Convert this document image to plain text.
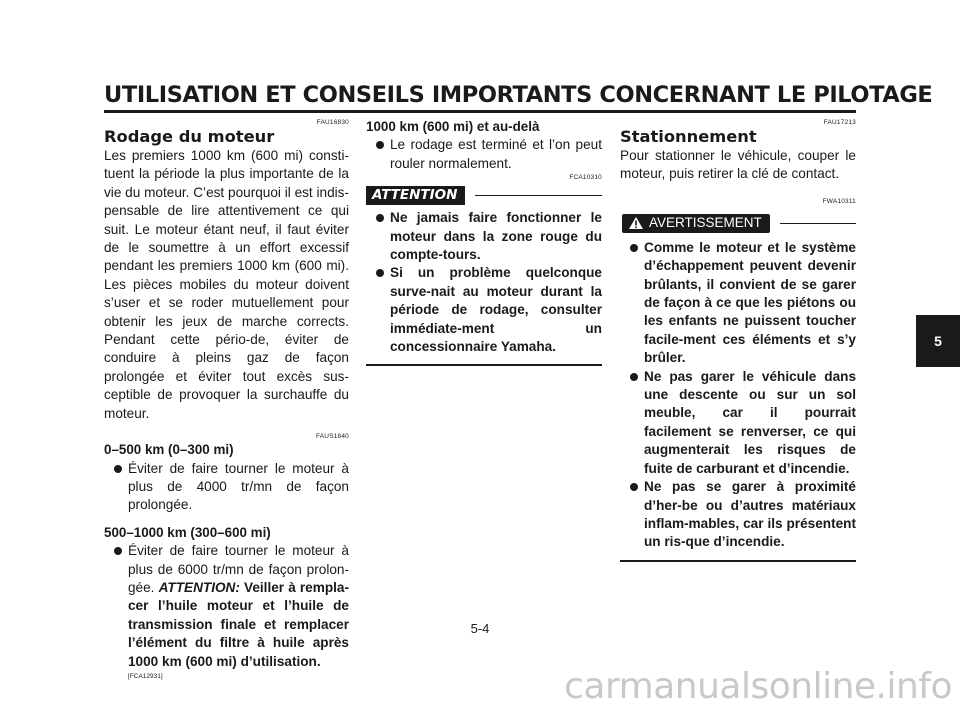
UTILISATION ET CONSEILS IMPORTANTS CONCERNANT LE PILOTAGE
FAU16830
Rodage du moteur

Les premiers 1000 km (600 mi) consti-tuent la période la plus importante de la vie du moteur. C’est pourquoi il est indis-pensable de lire attentivement ce qui suit. Le moteur étant neuf, il faut éviter de le soumettre à un effort excessif pendant les premiers 1000 km (600 mi). Les pièces mobiles du moteur doivent s’user et se roder mutuellement pour obtenir les jeux de marche corrects. Pendant cette pério-de, éviter de conduire à pleins gaz de façon prolongée et éviter tout excès sus-ceptible de provoquer la surchauffe du moteur.

FAUS1840
0–500 km (0–300 mi)
Éviter de faire tourner le moteur à plus de 4000 tr/mn de façon prolongée.
500–1000 km (300–600 mi)
Éviter de faire tourner le moteur à plus de 6000 tr/mn de façon prolon-gée. ATTENTION: Veiller à rempla-cer l’huile moteur et l’huile de transmission finale et remplacer l’élément du filtre à huile après 1000 km (600 mi) d’utilisation.
[FCA12931]
1000 km (600 mi) et au-delà
Le rodage est terminé et l’on peut rouler normalement.
FCA10310
ATTENTION
Ne jamais faire fonctionner le moteur dans la zone rouge du compte-tours.
Si un problème quelconque surve-nait au moteur durant la période de rodage, consulter immédiate-ment un concessionnaire Yamaha.
FAU17213
Stationnement

Pour stationner le véhicule, couper le moteur, puis retirer la clé de contact.

FWA10311
AVERTISSEMENT
Comme le moteur et le système d’échappement peuvent devenir brûlants, il convient de se garer de façon à ce que les piétons ou les enfants ne puissent toucher facile-ment ces éléments et s’y brûler.
Ne pas garer le véhicule dans une descente ou sur un sol meuble, car il pourrait facilement se renverser, ce qui augmenterait les risques de fuite de carburant et d’incendie.
Ne pas se garer à proximité d’her-be ou d’autres matériaux inflam-mables, car ils présentent un ris-que d’incendie.
5
5-4
carmanualsonline.info
